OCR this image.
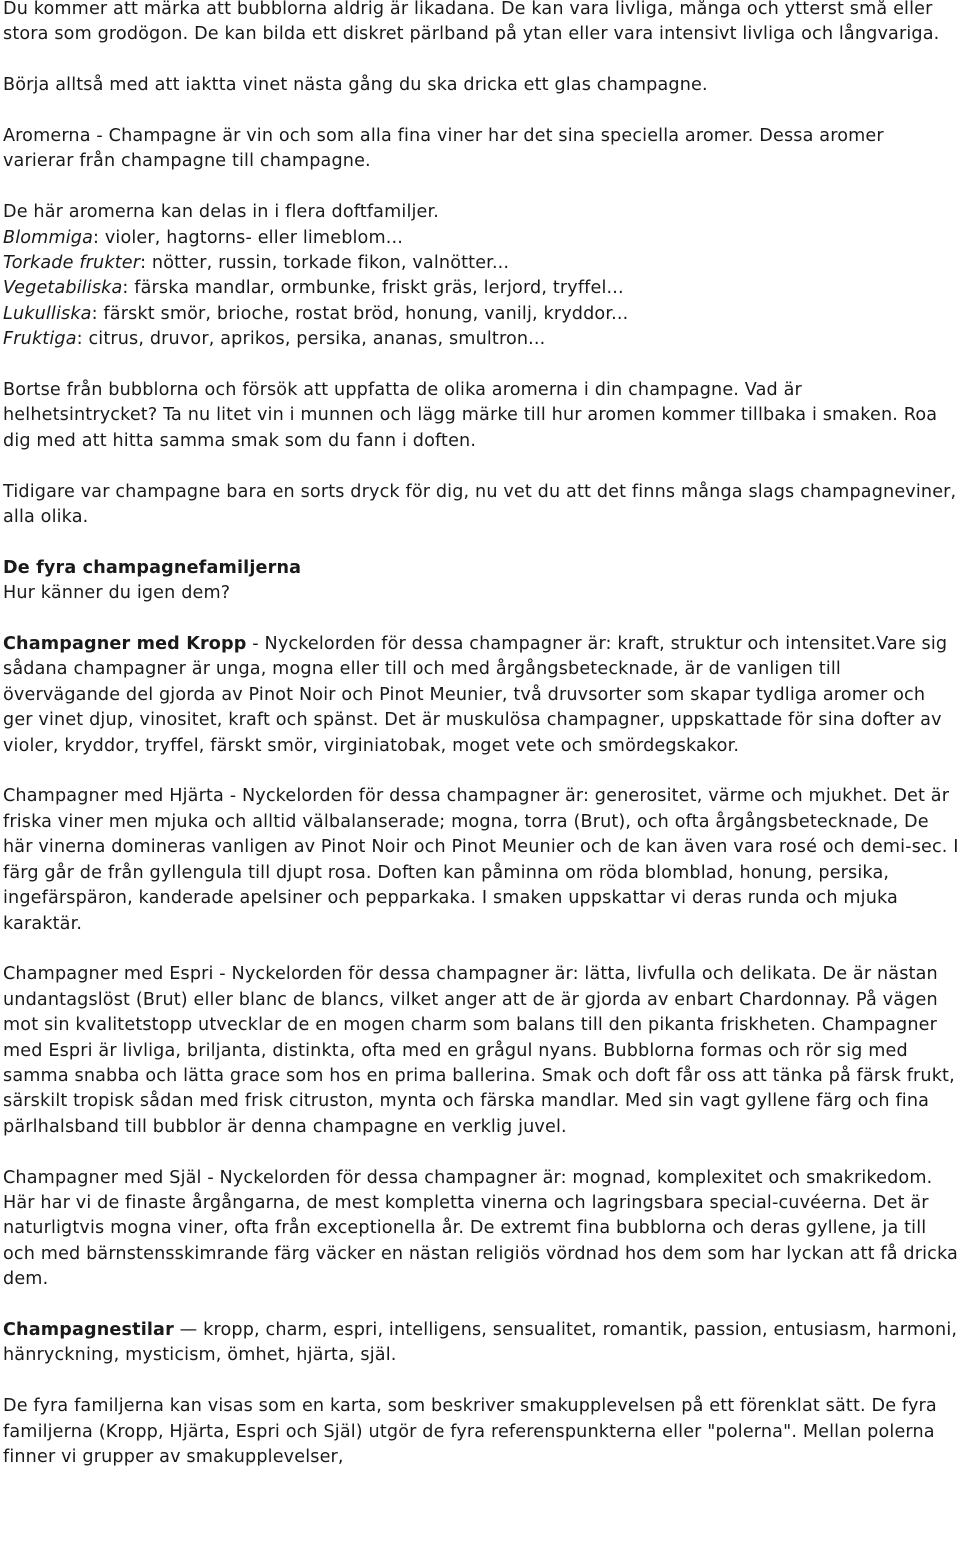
Du kommer att märka att bubblorna aldrig är likadana. De kan vara livliga, många och ytterst små eller stora som grodögon. De kan bilda ett diskret pärlband på ytan eller vara intensivt livliga och långvariga.

Börja alltså med att iaktta vinet nästa gång du ska dricka ett glas champagne.

Aromerna - Champagne är vin och som alla fina viner har det sina speciella aromer. Dessa aromer varierar från champagne till champagne.

De här aromerna kan delas in i flera doftfamiljer.

Blommiga: violer, hagtorns- eller limeblom...

Torkade frukter: nötter, russin, torkade fikon, valnötter...

Vegetabiliska: färska mandlar, ormbunke, friskt gräs, lerjord, tryffel...

Lukulliska: färskt smör, brioche, rostat bröd, honung, vanilj, kryddor...

Fruktiga: citrus, druvor, aprikos, persika, ananas, smultron...

Bortse från bubblorna och försök att uppfatta de olika aromerna i din champagne. Vad är helhetsintrycket? Ta nu litet vin i munnen och lägg märke till hur aromen kommer tillbaka i smaken. Roa dig med att hitta samma smak som du fann i doften.

Tidigare var champagne bara en sorts dryck för dig, nu vet du att det finns många slags champagneviner, alla olika.

De fyra champagnefamiljerna

Hur känner du igen dem?

Champagner med Kropp - Nyckelorden för dessa champagner är: kraft, struktur och intensitet.Vare sig sådana champagner är unga, mogna eller till och med årgångsbetecknade, är de vanligen till övervägande del gjorda av Pinot Noir och Pinot Meunier, två druvsorter som skapar tydliga aromer och ger vinet djup, vinositet, kraft och spänst. Det är muskulösa champagner, uppskattade för sina dofter av violer, kryddor, tryffel, färskt smör, virginiatobak, moget vete och smördegskakor.

Champagner med Hjärta - Nyckelorden för dessa champagner är: generositet, värme och mjukhet. Det är friska viner men mjuka och alltid välbalanserade; mogna, torra (Brut), och ofta årgångsbetecknade, De här vinerna domineras vanligen av Pinot Noir och Pinot Meunier och de kan även vara rosé och demi-sec. I färg går de från gyllengula till djupt rosa. Doften kan påminna om röda blomblad, honung, persika, ingefärspäron, kanderade apelsiner och pepparkaka. I smaken uppskattar vi deras runda och mjuka karaktär.

Champagner med Espri - Nyckelorden för dessa champagner är: lätta, livfulla och delikata. De är nästan undantagslöst (Brut) eller blanc de blancs, vilket anger att de är gjorda av enbart Chardonnay. På vägen mot sin kvalitetstopp utvecklar de en mogen charm som balans till den pikanta friskheten. Champagner med Espri är livliga, briljanta, distinkta, ofta med en grågul nyans. Bubblorna formas och rör sig med samma snabba och lätta grace som hos en prima ballerina. Smak och doft får oss att tänka på färsk frukt, särskilt tropisk sådan med frisk citruston, mynta och färska mandlar. Med sin vagt gyllene färg och fina pärlhalsband till bubblor är denna champagne en verklig juvel.

Champagner med Själ - Nyckelorden för dessa champagner är: mognad, komplexitet och smakrikedom. Här har vi de finaste årgångarna, de mest kompletta vinerna och lagringsbara special-cuvéerna. Det är naturligtvis mogna viner, ofta från exceptionella år. De extremt fina bubblorna och deras gyllene, ja till och med bärnstensskimrande färg väcker en nästan religiös vördnad hos dem som har lyckan att få dricka dem.

Champagnestilar — kropp, charm, espri, intelligens, sensualitet, romantik, passion, entusiasm, harmoni, hänryckning, mysticism, ömhet, hjärta, själ.

De fyra familjerna kan visas som en karta, som beskriver smakupplevelsen på ett förenklat sätt. De fyra familjerna (Kropp, Hjärta, Espri och Själ) utgör de fyra referenspunkterna eller "polerna". Mellan polerna finner vi grupper av smakupplevelser,
